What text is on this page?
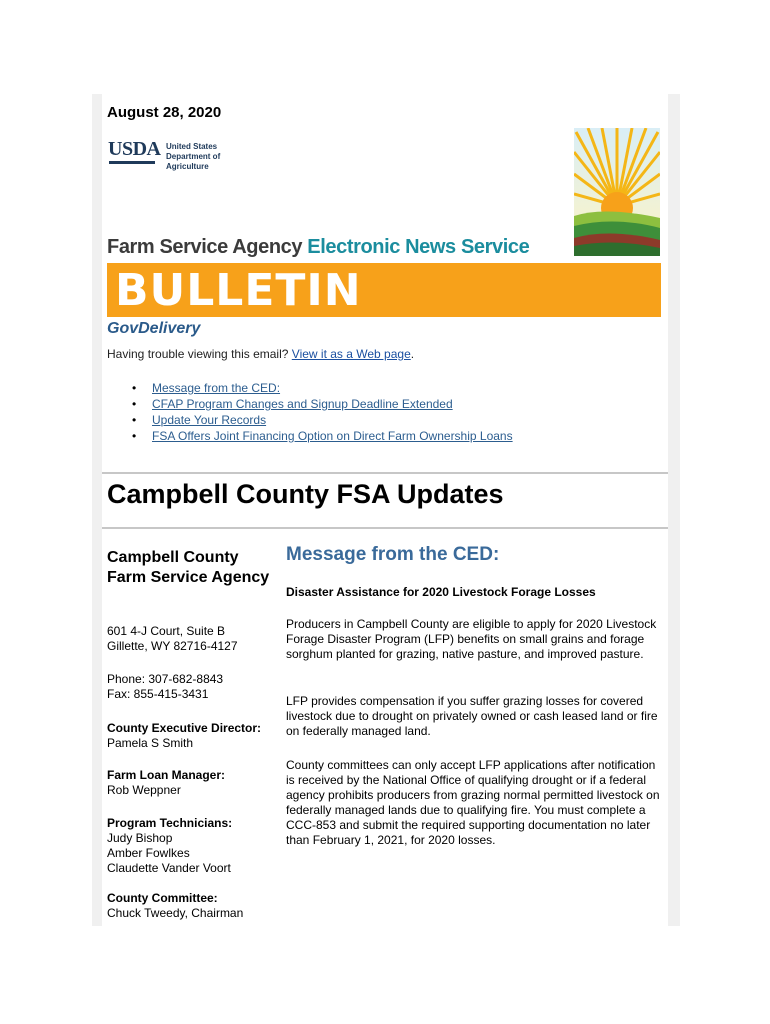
August 28, 2020
USDA United States
Department of
Agriculture
Farm Service Agency Electronic News Service
BULLETIN
GovDelivery
Having trouble viewing this email? View it as a Web page.
• Message from the CED:
• CFAP Program Changes and Signup Deadline Extended
• Update Your Records
• FSA Offers Joint Financing Option on Direct Farm Ownership Loans
Campbell County FSA Updates
Campbell County Farm Service Agency
601 4-J Court, Suite B
Gillette, WY 82716-4127
Phone: 307-682-8843
Fax: 855-415-3431
County Executive Director:
Pamela S Smith
Farm Loan Manager:
Rob Weppner
Program Technicians:
Judy Bishop
Amber Fowlkes
Claudette Vander Voort
County Committee:
Chuck Tweedy, Chairman
Message from the CED:
Disaster Assistance for 2020 Livestock Forage Losses
Producers in Campbell County are eligible to apply for 2020 Livestock Forage Disaster Program (LFP) benefits on small grains and forage sorghum planted for grazing, native pasture, and improved pasture.
LFP provides compensation if you suffer grazing losses for covered livestock due to drought on privately owned or cash leased land or fire on federally managed land.
County committees can only accept LFP applications after notification is received by the National Office of qualifying drought or if a federal agency prohibits producers from grazing normal permitted livestock on federally managed lands due to qualifying fire. You must complete a CCC-853 and submit the required supporting documentation no later than February 1, 2021, for 2020 losses.
